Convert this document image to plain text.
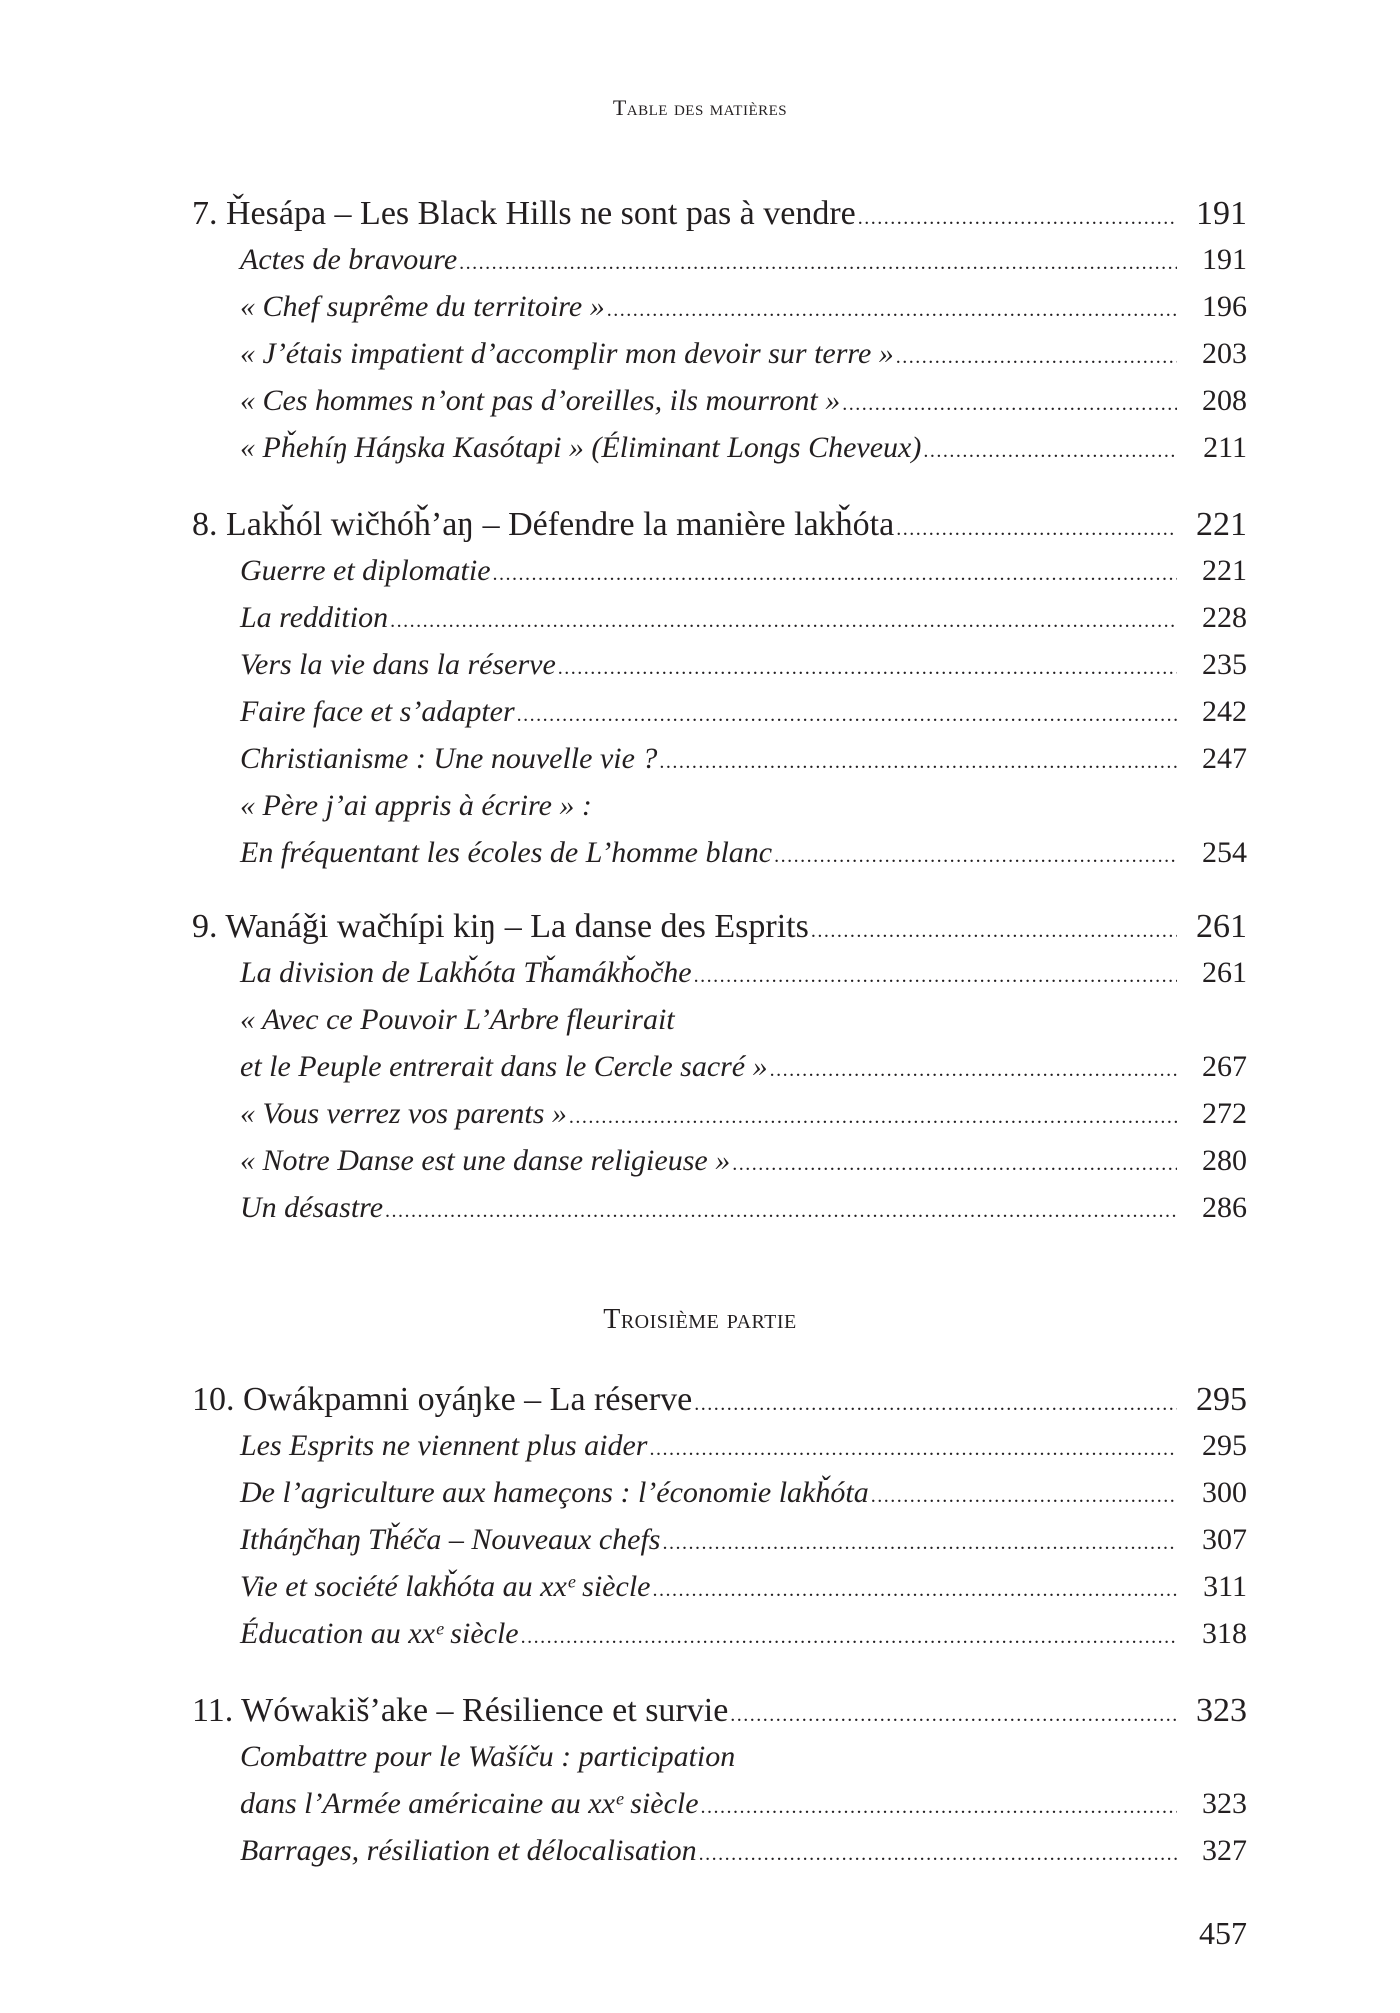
Table des matières
7. Ȟesápa – Les Black Hills ne sont pas à vendre .....	191
Actes de bravoure .....	191
« Chef suprême du territoire » .....	196
« J’étais impatient d’accomplir mon devoir sur terre » .....	203
« Ces hommes n’ont pas d’oreilles, ils mourront » .....	208
« Pȟehíŋ Háŋska Kasótapi » (Éliminant Longs Cheveux) .....	211
8. Lakȟól wičhóȟ’aŋ – Défendre la manière lakȟóta .....	221
Guerre et diplomatie .....	221
La reddition .....	228
Vers la vie dans la réserve .....	235
Faire face et s’adapter .....	242
Christianisme : Une nouvelle vie ? .....	247
« Père j’ai appris à écrire » :
En fréquentant les écoles de L’homme blanc .....	254
9. Wanáǧi wačhípi kiŋ – La danse des Esprits .....	261
La division de Lakȟóta Tȟamákȟočhe .....	261
« Avec ce Pouvoir L’Arbre fleurirait
et le Peuple entrerait dans le Cercle sacré » .....	267
« Vous verrez vos parents » .....	272
« Notre Danse est une danse religieuse » .....	280
Un désastre .....	286
Troisième partie
10. Owákpamni oyáŋke – La réserve .....	295
Les Esprits ne viennent plus aider .....	295
De l’agriculture aux hameçons : l’économie lakȟóta .....	300
Itháŋčhaŋ Tȟéča – Nouveaux chefs .....	307
Vie et société lakȟóta au xxᵉ siècle .....	311
Éducation au xxᵉ siècle .....	318
11. Wówakiš’ake – Résilience et survie .....	323
Combattre pour le Wašíču : participation
dans l’Armée américaine au xxᵉ siècle .....	323
Barrages, résiliation et délocalisation .....	327
457
